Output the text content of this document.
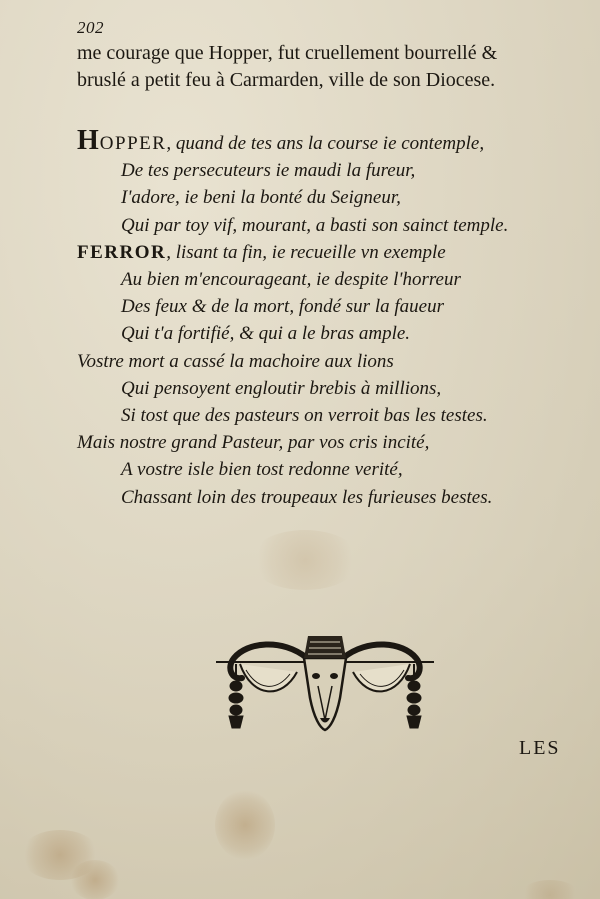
202

me courage que Hopper, fut cruellement bourrellé &

bruslé a petit feu à Carmarden, ville de son Diocese.

HOPPER, quand de tes ans la course ie contemple,
De tes persecuteurs ie maudi la fureur,
I'adore, ie beni la bonté du Seigneur,
Qui par toy vif, mourant, a basti son sainct temple.
FERROR, lisant ta fin, ie recueille vn exemple
Au bien m'encourageant, ie despite l'horreur
Des feux & de la mort, fondé sur la faueur
Qui t'a fortifié, & qui a le bras ample.
Vostre mort a cassé la machoire aux lions
Qui pensoyent engloutir brebis à millions,
Si tost que des pasteurs on verroit bas les testes.
Mais nostre grand Pasteur, par vos cris incité,
A vostre isle bien tost redonne verité,
Chassant loin des troupeaux les furieuses bestes.
LES
